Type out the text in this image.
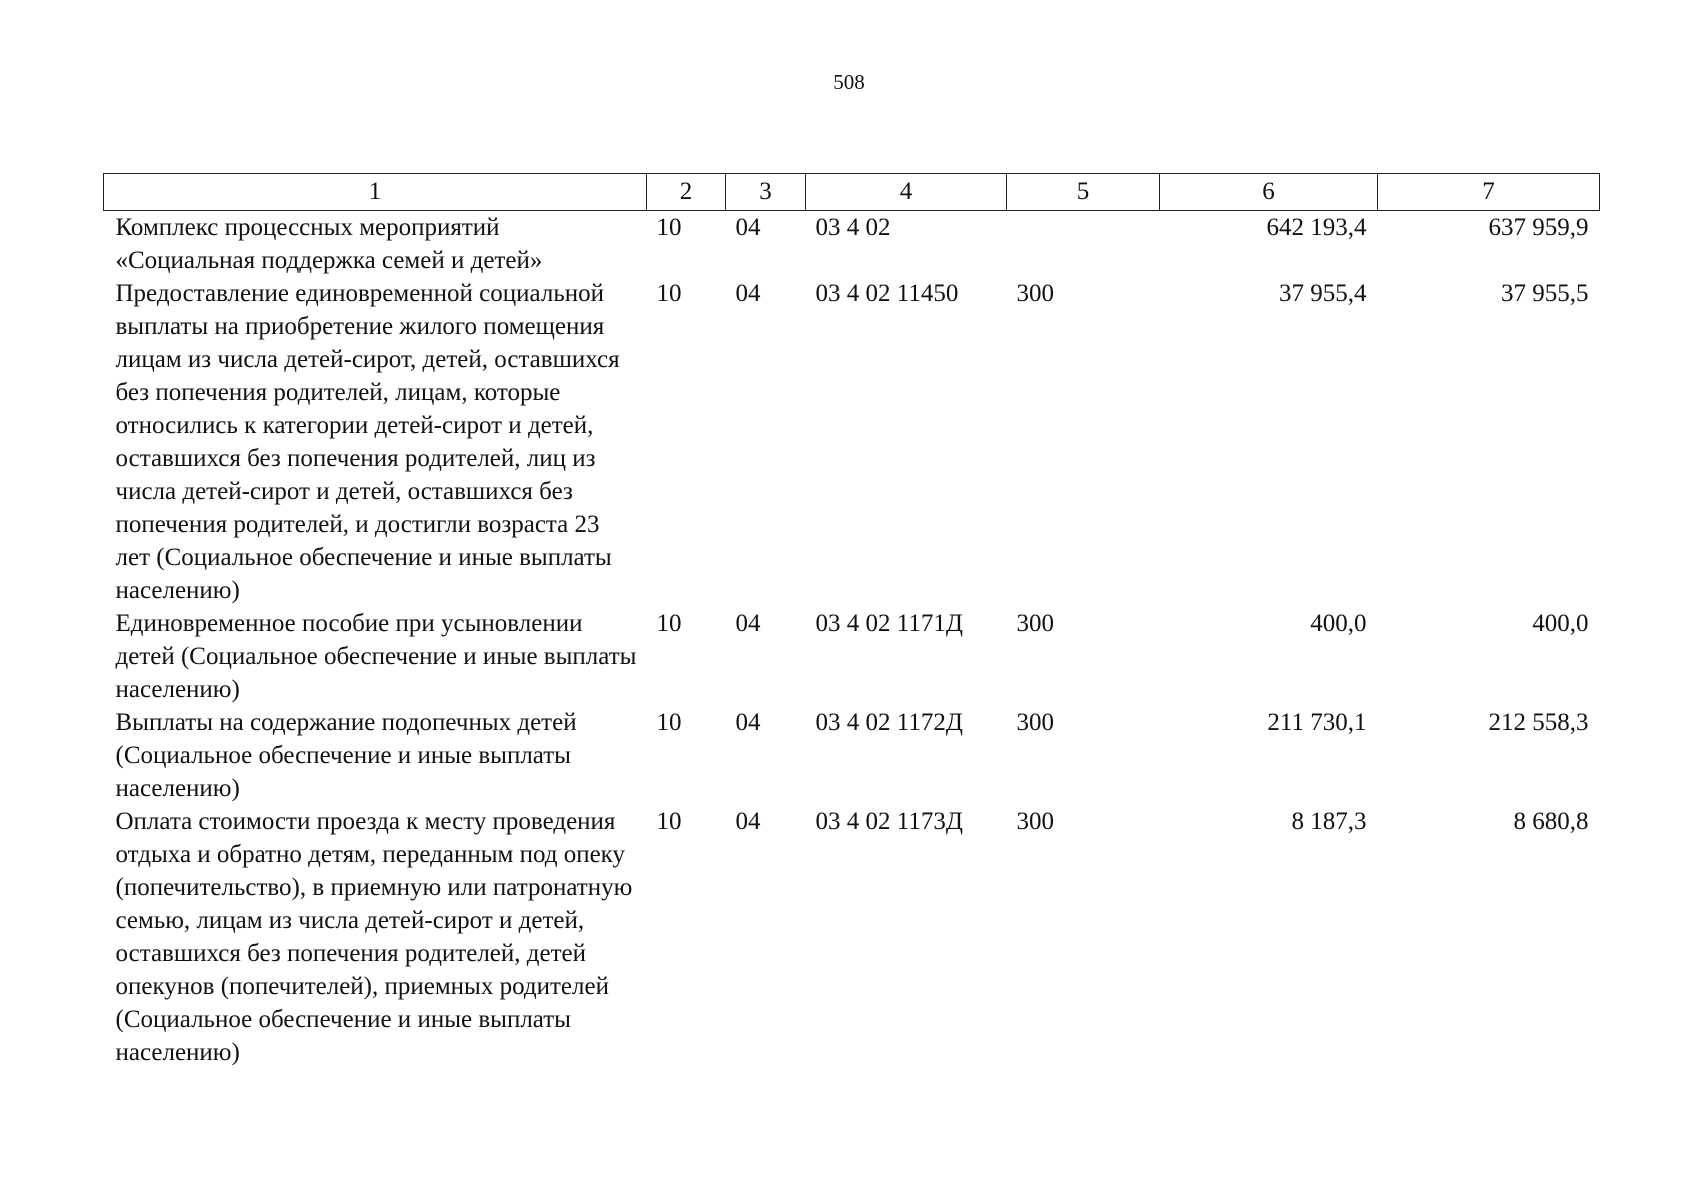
508
1	2	3	4	5	6	7
Комплекс процессных мероприятий «Социальная поддержка семей и детей»	10	04	03 4 02		642 193,4	637 959,9
Предоставление единовременной социальной выплаты на приобретение жилого помещения лицам из числа детей-сирот, детей, оставшихся без попечения родителей, лицам, которые относились к категории детей-сирот и детей, оставшихся без попечения родителей, лиц из числа детей-сирот и детей, оставшихся без попечения родителей, и достигли возраста 23 лет (Социальное обеспечение и иные выплаты населению)	10	04	03 4 02 11450	300	37 955,4	37 955,5
Единовременное пособие при усыновлении детей (Социальное обеспечение и иные выплаты населению)	10	04	03 4 02 1171Д	300	400,0	400,0
Выплаты на содержание подопечных детей (Социальное обеспечение и иные выплаты населению)	10	04	03 4 02 1172Д	300	211 730,1	212 558,3
Оплата стоимости проезда к месту проведения отдыха и обратно детям, переданным под опеку (попечительство), в приемную или патронатную семью, лицам из числа детей-сирот и детей, оставшихся без попечения родителей, детей опекунов (попечителей), приемных родителей (Социальное обеспечение и иные выплаты населению)	10	04	03 4 02 1173Д	300	8 187,3	8 680,8
